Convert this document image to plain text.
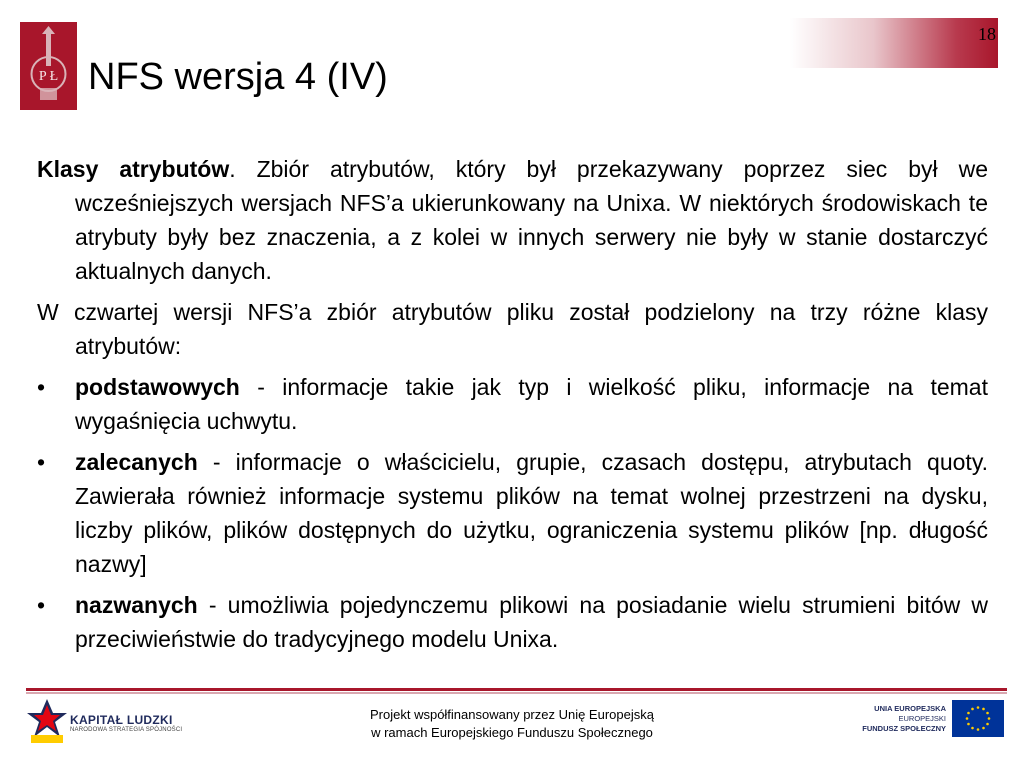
P Ł NFS wersja 4 (IV)
18

Klasy atrybutów. Zbiór atrybutów, który był przekazywany poprzez siec był we wcześniejszych wersjach NFS’a ukierunkowany na Unixa. W niektórych środowiskach te atrybuty były bez znaczenia, a z kolei w innych serwery nie były w stanie dostarczyć aktualnych danych.

W czwartej wersji NFS’a zbiór atrybutów pliku został podzielony na trzy różne klasy atrybutów:

•	podstawowych - informacje takie jak typ i wielkość pliku, informacje na temat wygaśnięcia uchwytu.
•	zalecanych - informacje o właścicielu, grupie, czasach dostępu, atrybutach quoty. Zawierała również informacje systemu plików na temat wolnej przestrzeni na dysku, liczby plików, plików dostępnych do użytku, ograniczenia systemu plików [np. długość nazwy]
•	nazwanych - umożliwia pojedynczemu plikowi na posiadanie wielu strumieni bitów w przeciwieństwie do tradycyjnego modelu Unixa.
KAPITAŁ LUDZKI
NARODOWA STRATEGIA SPÓJNOŚCI
Projekt współfinansowany przez Unię Europejską
w ramach Europejskiego Funduszu Społecznego
UNIA EUROPEJSKA
EUROPEJSKI
FUNDUSZ SPOŁECZNY
